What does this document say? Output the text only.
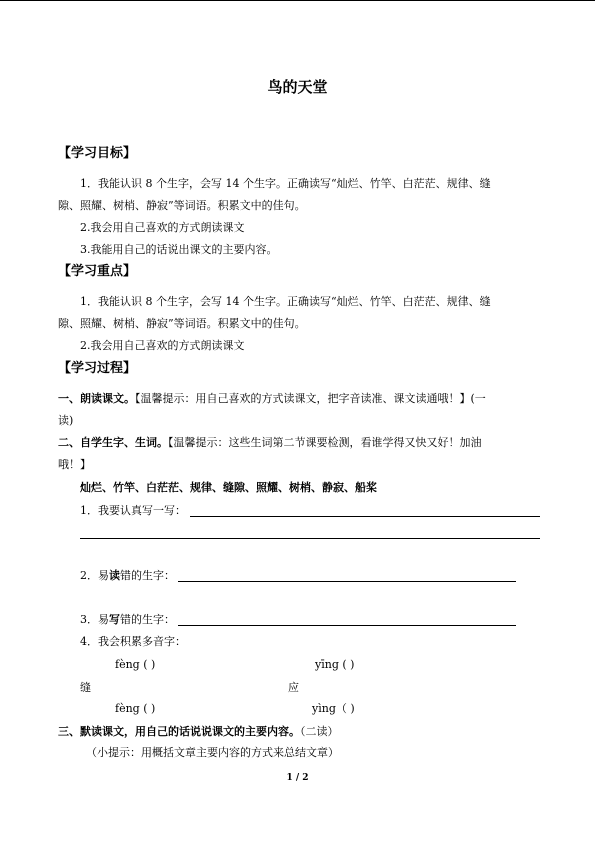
鸟的天堂
【学习目标】
1．我能认识 8 个生字，会写 14 个生字。正确读写“灿烂、竹竿、白茫茫、规律、缝
隙、照耀、树梢、静寂”等词语。积累文中的佳句。
2.我会用自己喜欢的方式朗读课文
3.我能用自己的话说出课文的主要内容。
【学习重点】
1．我能认识 8 个生字，会写 14 个生字。正确读写“灿烂、竹竿、白茫茫、规律、缝
隙、照耀、树梢、静寂”等词语。积累文中的佳句。
2.我会用自己喜欢的方式朗读课文
【学习过程】
一、朗读课文。【温馨提示：用自己喜欢的方式读课文，把字音读准、课文读通哦！】(一
读)
二、自学生字、生词。【温馨提示：这些生词第二节课要检测，看谁学得又快又好！加油
哦！】
灿烂、竹竿、白茫茫、规律、缝隙、照耀、树梢、静寂、船桨
1．我要认真写一写：
2．易读错的生字：
3．易写错的生字：
4．我会积累多音字：
fèng ( )	yīng ( )
缝	应
fèng ( )	yìng（ )
三、默读课文，用自己的话说说课文的主要内容。（二读）
（小提示：用概括文章主要内容的方式来总结文章）
1 / 2
